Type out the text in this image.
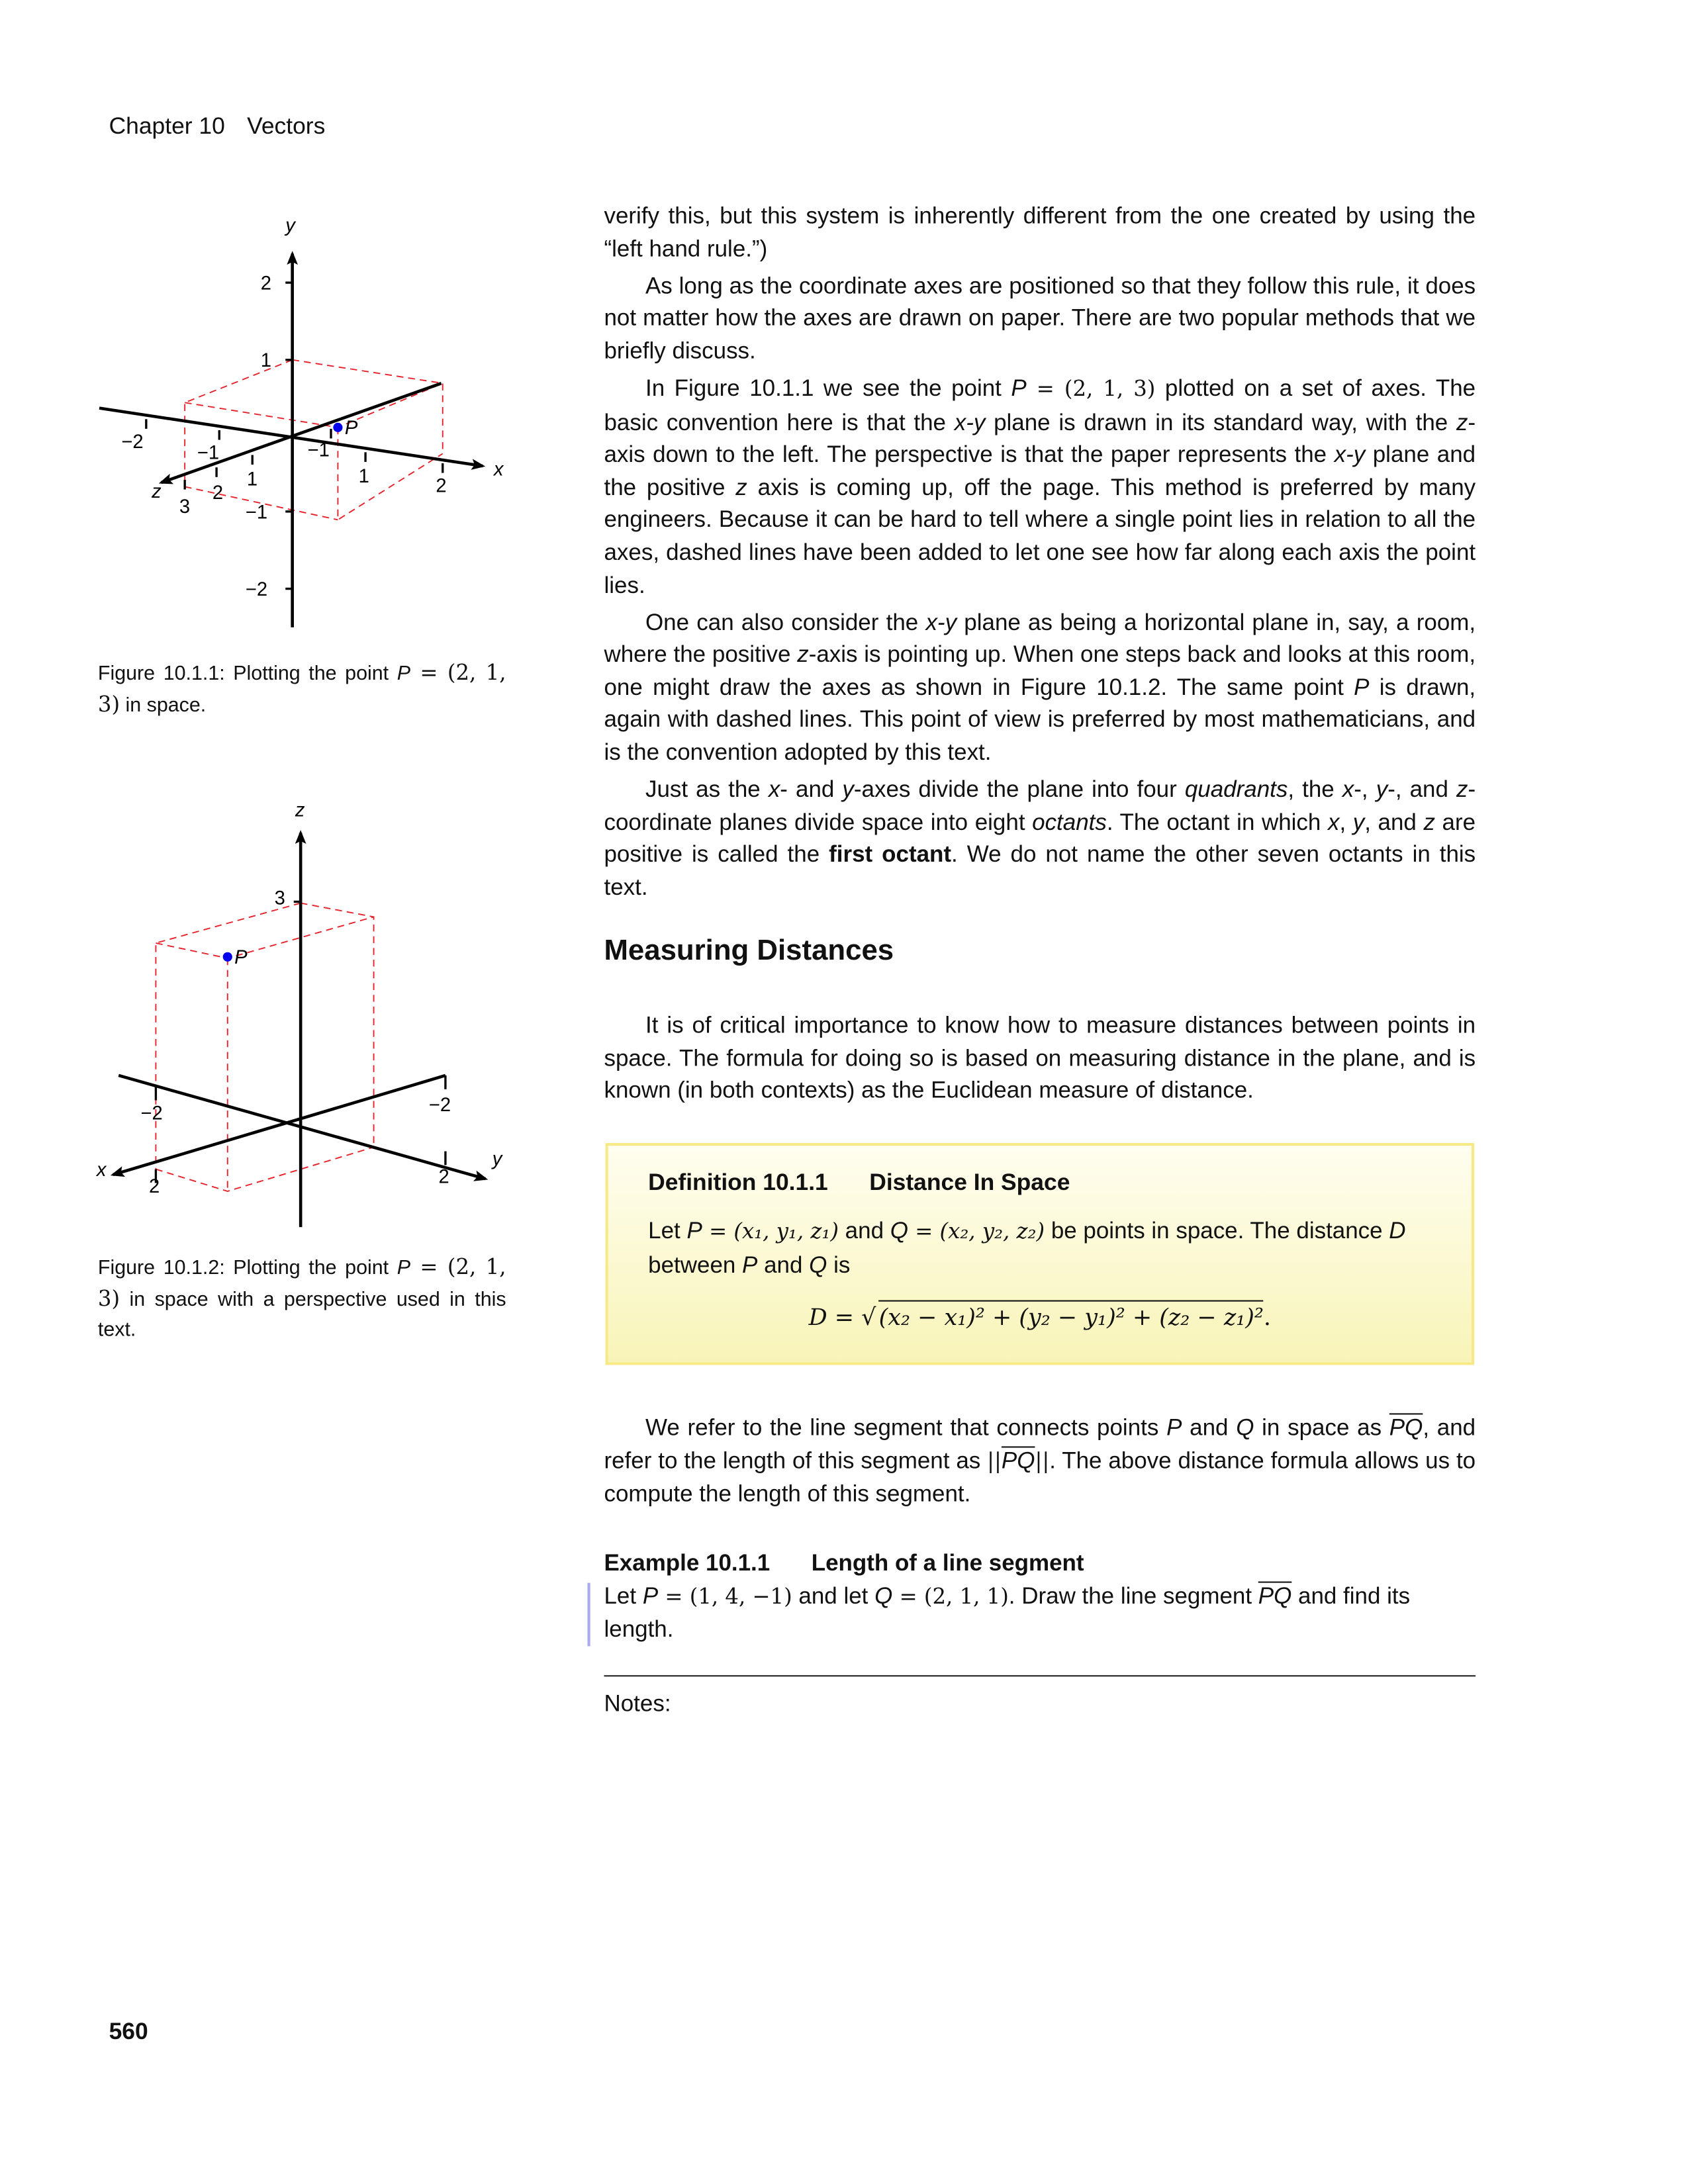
Chapter 10 Vectors
y
x
z
2
1
−1
−2
−2
−1
1	2
−1
1
2
3
P
Figure 10.1.1: Plotting the point P = (2, 1, 3) in space.
z
y
x
3
−2
2
−2
2
P
Figure 10.1.2: Plotting the point P = (2, 1, 3) in space with a perspective used in this text.

verify this, but this system is inherently different from the one created by using the “left hand rule.”)

As long as the coordinate axes are positioned so that they follow this rule, it does not matter how the axes are drawn on paper. There are two popular methods that we briefly discuss.

In Figure 10.1.1 we see the point P = (2, 1, 3) plotted on a set of axes. The basic convention here is that the x-y plane is drawn in its standard way, with the z-axis down to the left. The perspective is that the paper represents the x-y plane and the positive z axis is coming up, off the page. This method is preferred by many engineers. Because it can be hard to tell where a single point lies in relation to all the axes, dashed lines have been added to let one see how far along each axis the point lies.

One can also consider the x-y plane as being a horizontal plane in, say, a room, where the positive z-axis is pointing up. When one steps back and looks at this room, one might draw the axes as shown in Figure 10.1.2. The same point P is drawn, again with dashed lines. This point of view is preferred by most mathematicians, and is the convention adopted by this text.

Just as the x- and y-axes divide the plane into four quadrants, the x-, y-, and z-coordinate planes divide space into eight octants. The octant in which x, y, and z are positive is called the first octant. We do not name the other seven octants in this text.

Measuring Distances

It is of critical importance to know how to measure distances between points in space. The formula for doing so is based on measuring distance in the plane, and is known (in both contexts) as the Euclidean measure of distance.

Definition 10.1.1	Distance In Space
Let P = (x₁, y₁, z₁) and Q = (x₂, y₂, z₂) be points in space. The distance D between P and Q is
D = √ (x₂ − x₁)² + (y₂ − y₁)² + (z₂ − z₁)².

We refer to the line segment that connects points P and Q in space as $\overline{PQ}$, and refer to the length of this segment as $||\overline{PQ}||$. The above distance formula allows us to compute the length of this segment.

Example 10.1.1	Length of a line segment
Let P = (1, 4, −1) and let Q = (2, 1, 1). Draw the line segment $\overline{PQ}$ and find its length.
Notes:
560
